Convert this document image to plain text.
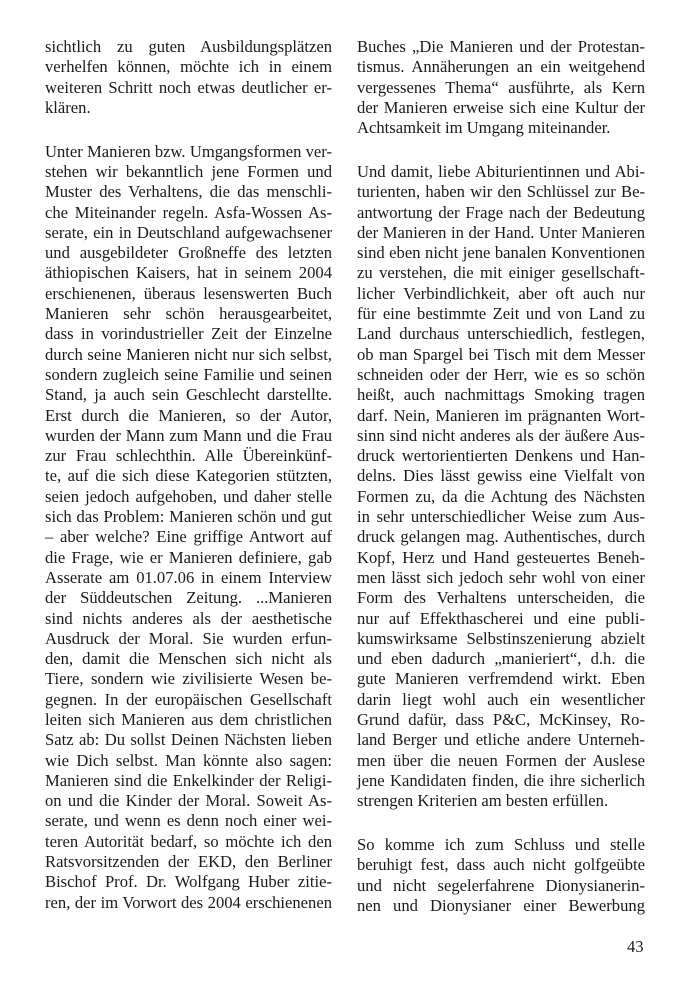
sichtlich zu guten Ausbildungsplätzen
verhelfen können, möchte ich in einem
weiteren Schritt noch etwas deutlicher er-
klären.
Unter Manieren bzw. Umgangsformen ver-
stehen wir bekanntlich jene Formen und
Muster des Verhaltens, die das menschli-
che Miteinander regeln. Asfa-Wossen As-
serate, ein in Deutschland aufgewachsener
und ausgebildeter Großneffe des letzten
äthiopischen Kaisers, hat in seinem 2004
erschienenen, überaus lesenswerten Buch
Manieren sehr schön herausgearbeitet,
dass in vorindustrieller Zeit der Einzelne
durch seine Manieren nicht nur sich selbst,
sondern zugleich seine Familie und seinen
Stand, ja auch sein Geschlecht darstellte.
Erst durch die Manieren, so der Autor,
wurden der Mann zum Mann und die Frau
zur Frau schlechthin. Alle Übereinkünf-
te, auf die sich diese Kategorien stützten,
seien jedoch aufgehoben, und daher stelle
sich das Problem: Manieren schön und gut
– aber welche? Eine griffige Antwort auf
die Frage, wie er Manieren definiere, gab
Asserate am 01.07.06 in einem Interview
der Süddeutschen Zeitung. ...Manieren
sind nichts anderes als der aesthetische
Ausdruck der Moral. Sie wurden erfun-
den, damit die Menschen sich nicht als
Tiere, sondern wie zivilisierte Wesen be-
gegnen. In der europäischen Gesellschaft
leiten sich Manieren aus dem christlichen
Satz ab: Du sollst Deinen Nächsten lieben
wie Dich selbst. Man könnte also sagen:
Manieren sind die Enkelkinder der Religi-
on und die Kinder der Moral. Soweit As-
serate, und wenn es denn noch einer wei-
teren Autorität bedarf, so möchte ich den
Ratsvorsitzenden der EKD, den Berliner
Bischof Prof. Dr. Wolfgang Huber zitie-
ren, der im Vorwort des 2004 erschienenen
Buches „Die Manieren und der Protestan-
tismus. Annäherungen an ein weitgehend
vergessenes Thema“ ausführte, als Kern
der Manieren erweise sich eine Kultur der
Achtsamkeit im Umgang miteinander.
Und damit, liebe Abiturientinnen und Abi-
turienten, haben wir den Schlüssel zur Be-
antwortung der Frage nach der Bedeutung
der Manieren in der Hand. Unter Manieren
sind eben nicht jene banalen Konventionen
zu verstehen, die mit einiger gesellschaft-
licher Verbindlichkeit, aber oft auch nur
für eine bestimmte Zeit und von Land zu
Land durchaus unterschiedlich, festlegen,
ob man Spargel bei Tisch mit dem Messer
schneiden oder der Herr, wie es so schön
heißt, auch nachmittags Smoking tragen
darf. Nein, Manieren im prägnanten Wort-
sinn sind nicht anderes als der äußere Aus-
druck wertorientierten Denkens und Han-
delns. Dies lässt gewiss eine Vielfalt von
Formen zu, da die Achtung des Nächsten
in sehr unterschiedlicher Weise zum Aus-
druck gelangen mag. Authentisches, durch
Kopf, Herz und Hand gesteuertes Beneh-
men lässt sich jedoch sehr wohl von einer
Form des Verhaltens unterscheiden, die
nur auf Effekthascherei und eine publi-
kumswirksame Selbstinszenierung abzielt
und eben dadurch „manieriert“, d.h. die
gute Manieren verfremdend wirkt. Eben
darin liegt wohl auch ein wesentlicher
Grund dafür, dass P&C, McKinsey, Ro-
land Berger und etliche andere Unterneh-
men über die neuen Formen der Auslese
jene Kandidaten finden, die ihre sicherlich
strengen Kriterien am besten erfüllen.
So komme ich zum Schluss und stelle
beruhigt fest, dass auch nicht golfgeübte
und nicht segelerfahrene Dionysianerin-
nen und Dionysianer einer Bewerbung
43
